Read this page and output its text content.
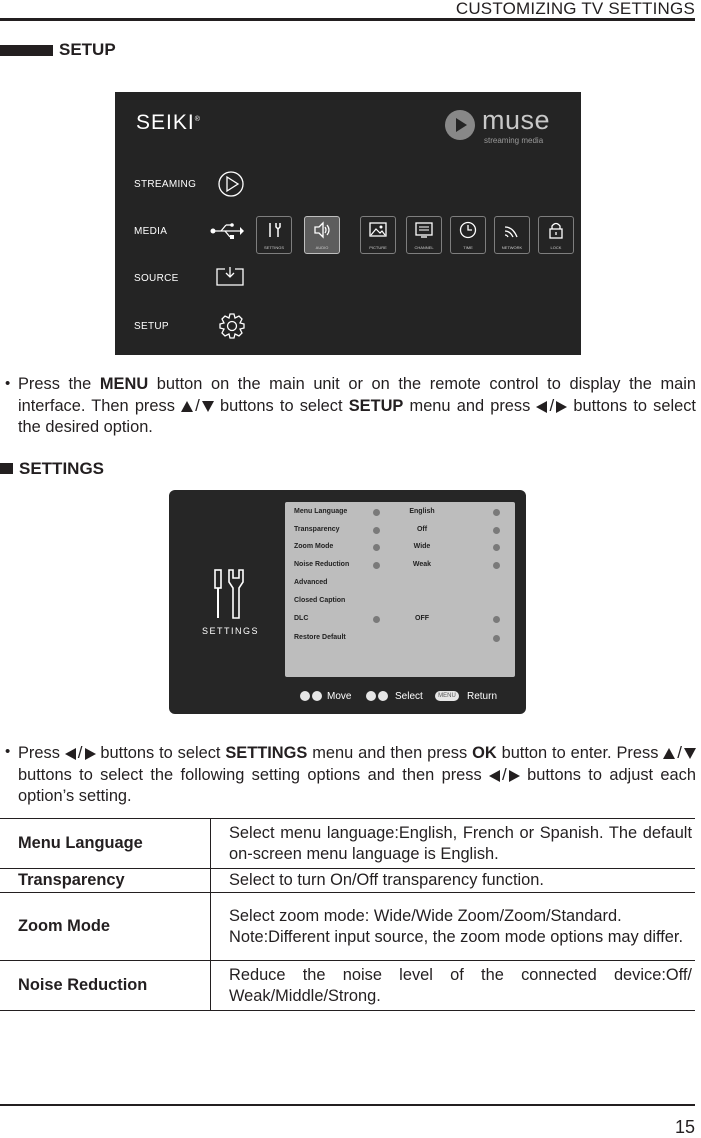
CUSTOMIZING TV SETTINGS
SETUP
SEIKI®	muse
streaming media
STREAMING
MEDIA
SOURCE
SETUP
SETTINGS	AUDIO	PICTURE	CHANNEL	TIME	NETWORK	LOCK
• Press the MENU button on the main unit or on the remote control to display the main interface. Then press / buttons to select SETUP menu and press / buttons to select the desired option.
SETTINGS
SETTINGS
Menu Language	English
Transparency	Off
Zoom Mode	Wide
Noise Reduction	Weak
Advanced
Closed Caption
DLC	OFF
Restore Default
Move	Select	MENU	Return
• Press / buttons to select SETTINGS menu and then press OK button to enter. Press / buttons to select the following setting options and then press / buttons to adjust each option’s setting.
Menu Language	Select menu language:English, French or Spanish. The default on-screen menu language is English.
Transparency	Select to turn On/Off transparency function.
Zoom Mode	Select zoom mode: Wide/Wide Zoom/Zoom/Standard.
Note:Different input source, the zoom mode options may differ.

Noise Reduction	Reduce the noise level of the connected device:Off/ Weak/Middle/Strong.
15
